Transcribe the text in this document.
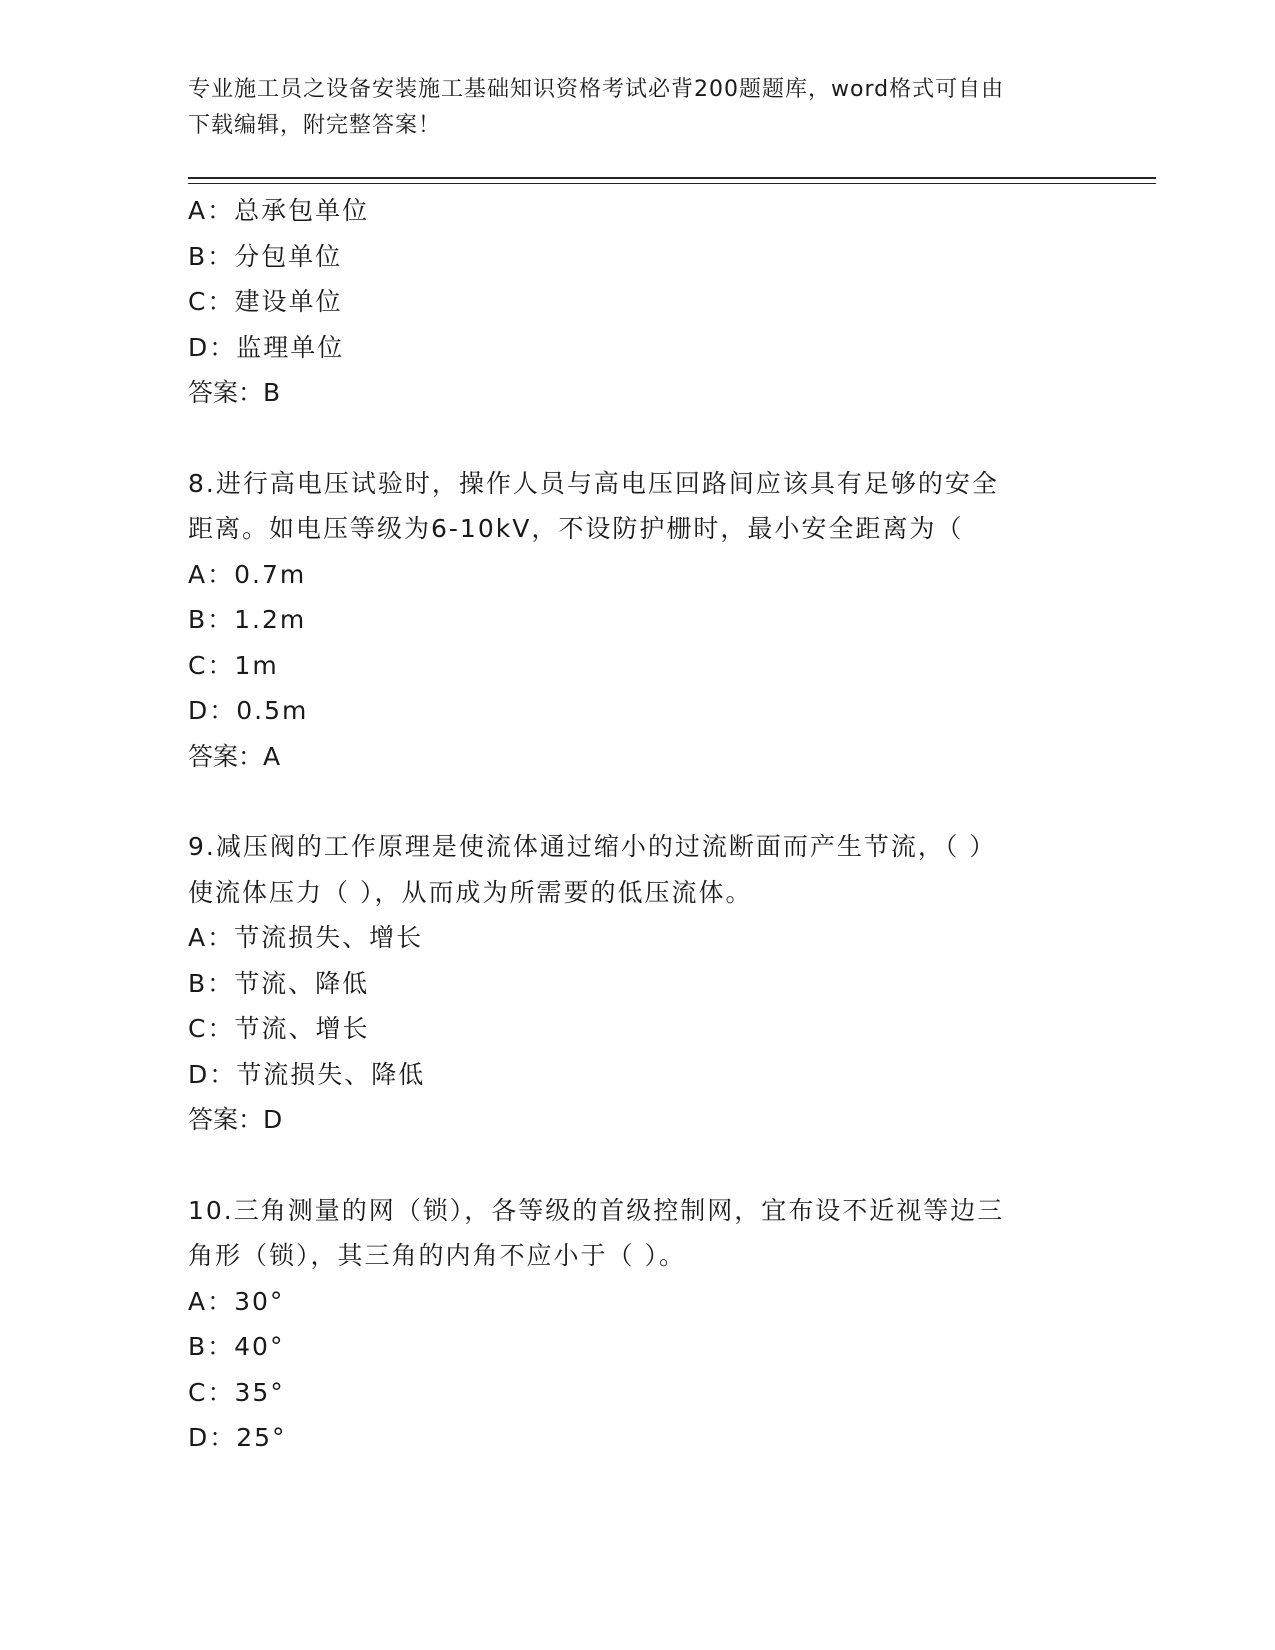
专业施工员之设备安装施工基础知识资格考试必背200题题库，word格式可自由
下载编辑，附完整答案！
A：总承包单位
B：分包单位
C：建设单位
D：监理单位
答案：B
8.进行高电压试验时，操作人员与高电压回路间应该具有足够的安全
距离。如电压等级为6-10kV，不设防护栅时，最小安全距离为（
A：0.7m
B：1.2m
C：1m
D：0.5m
答案：A
9.减压阀的工作原理是使流体通过缩小的过流断面而产生节流，（ ）
使流体压力（ ），从而成为所需要的低压流体。
A：节流损失、增长
B：节流、降低
C：节流、增长
D：节流损失、降低
答案：D
10.三角测量的网（锁），各等级的首级控制网，宜布设不近视等边三
角形（锁），其三角的内角不应小于（ ）。
A：30°
B：40°
C：35°
D：25°
